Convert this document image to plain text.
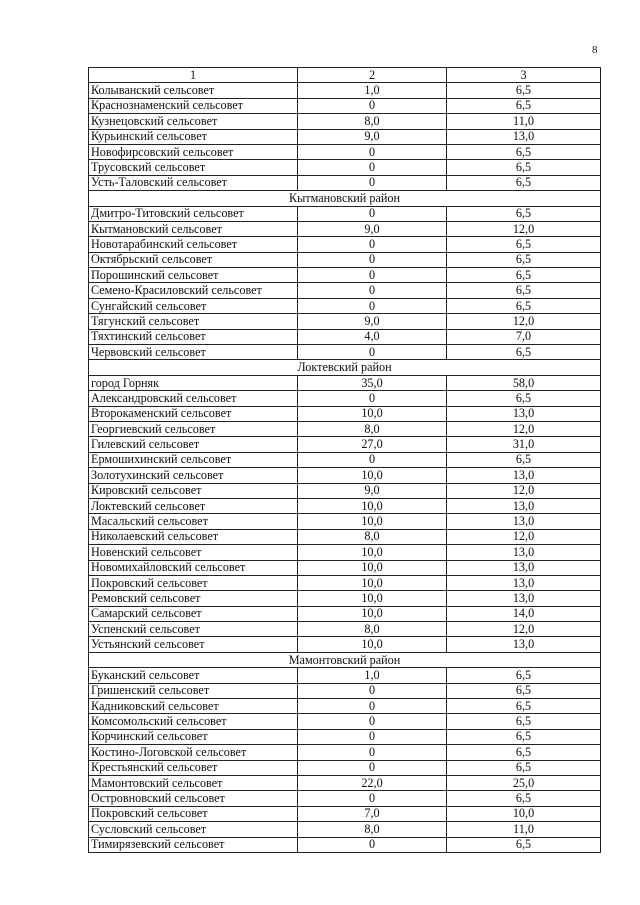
8
1	2	3
Колыванский сельсовет	1,0	6,5
Краснознаменский сельсовет	0	6,5
Кузнецовский сельсовет	8,0	11,0
Курьинский сельсовет	9,0	13,0
Новофирсовский сельсовет	0	6,5
Трусовский сельсовет	0	6,5
Усть-Таловский сельсовет	0	6,5
Кытмановский район		
Дмитро-Титовский сельсовет	0	6,5
Кытмановский сельсовет	9,0	12,0
Новотарабинский сельсовет	0	6,5
Октябрьский сельсовет	0	6,5
Порошинский сельсовет	0	6,5
Семено-Красиловский сельсовет	0	6,5
Сунгайский сельсовет	0	6,5
Тягунский сельсовет	9,0	12,0
Тяхтинский сельсовет	4,0	7,0
Червовский сельсовет	0	6,5
Локтевский район		
город Горняк	35,0	58,0
Александровский сельсовет	0	6,5
Второкаменский сельсовет	10,0	13,0
Георгиевский сельсовет	8,0	12,0
Гилевский сельсовет	27,0	31,0
Ермошихинский сельсовет	0	6,5
Золотухинский сельсовет	10,0	13,0
Кировский сельсовет	9,0	12,0
Локтевский сельсовет	10,0	13,0
Масальский сельсовет	10,0	13,0
Николаевский сельсовет	8,0	12,0
Новенский сельсовет	10,0	13,0
Новомихайловский сельсовет	10,0	13,0
Покровский сельсовет	10,0	13,0
Ремовский сельсовет	10,0	13,0
Самарский сельсовет	10,0	14,0
Успенский сельсовет	8,0	12,0
Устьянский сельсовет	10,0	13,0
Мамонтовский район		
Буканский сельсовет	1,0	6,5
Гришенский сельсовет	0	6,5
Кадниковский сельсовет	0	6,5
Комсомольский сельсовет	0	6,5
Корчинский сельсовет	0	6,5
Костино-Логовской сельсовет	0	6,5
Крестьянский сельсовет	0	6,5
Мамонтовский сельсовет	22,0	25,0
Островновский сельсовет	0	6,5
Покровский сельсовет	7,0	10,0
Сусловский сельсовет	8,0	11,0
Тимирязевский сельсовет	0	6,5
